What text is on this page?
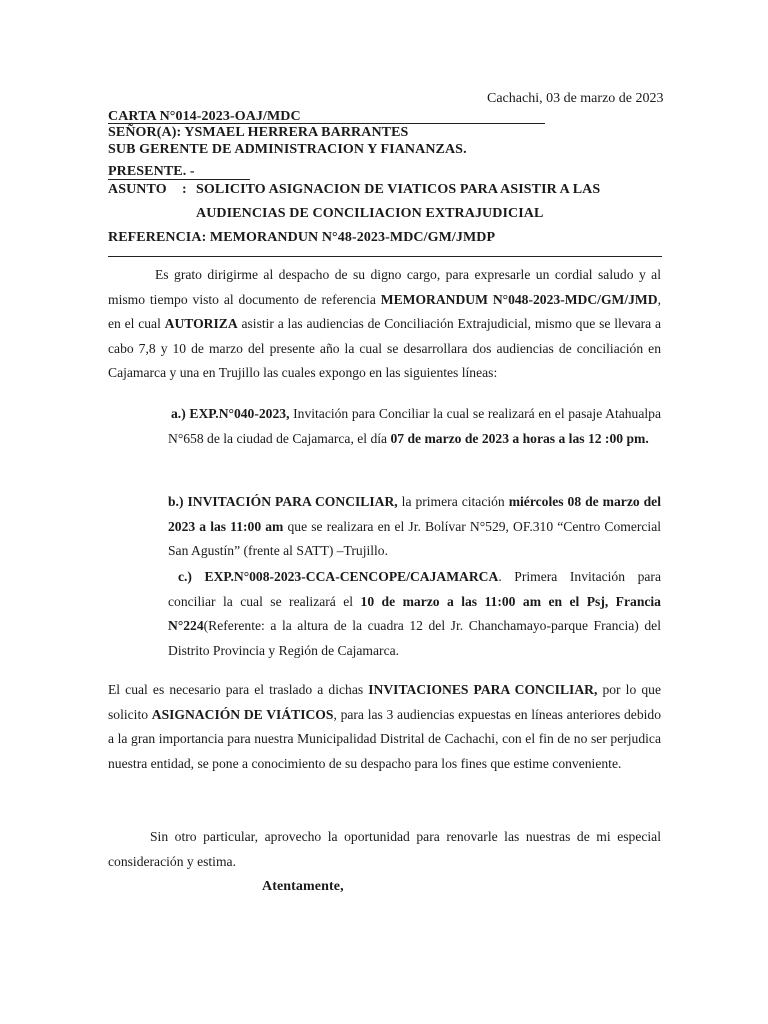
Cachachi, 03 de marzo de 2023
CARTA N°014-2023-OAJ/MDC
SEÑOR(A): YSMAEL HERRERA BARRANTES
SUB GERENTE DE ADMINISTRACION Y FIANANZAS.
PRESENTE. -
ASUNTO : SOLICITO ASIGNACION DE VIATICOS PARA ASISTIR A LAS
AUDIENCIAS DE CONCILIACION EXTRAJUDICIAL
REFERENCIA: MEMORANDUN N°48-2023-MDC/GM/JMDP

Es grato dirigirme al despacho de su digno cargo, para expresarle un cordial saludo y al mismo tiempo visto al documento de referencia MEMORANDUM N°048-2023-MDC/GM/JMD, en el cual AUTORIZA asistir a las audiencias de Conciliación Extrajudicial, mismo que se llevara a cabo 7,8 y 10 de marzo del presente año la cual se desarrollara dos audiencias de conciliación en Cajamarca y una en Trujillo las cuales expongo en las siguientes líneas:

a.) EXP.N°040-2023, Invitación para Conciliar la cual se realizará en el pasaje Atahualpa N°658 de la ciudad de Cajamarca, el día 07 de marzo de 2023 a horas a las 12 :00 pm.

b.) INVITACIÓN PARA CONCILIAR, la primera citación miércoles 08 de marzo del 2023 a las 11:00 am que se realizara en el Jr. Bolívar N°529, OF.310 “Centro Comercial San Agustín” (frente al SATT) –Trujillo.

c.) EXP.N°008-2023-CCA-CENCOPE/CAJAMARCA. Primera Invitación para conciliar la cual se realizará el 10 de marzo a las 11:00 am en el Psj, Francia N°224(Referente: a la altura de la cuadra 12 del Jr. Chanchamayo-parque Francia) del Distrito Provincia y Región de Cajamarca.

El cual es necesario para el traslado a dichas INVITACIONES PARA CONCILIAR, por lo que solicito ASIGNACIÓN DE VIÁTICOS, para las 3 audiencias expuestas en líneas anteriores debido a la gran importancia para nuestra Municipalidad Distrital de Cachachi, con el fin de no ser perjudica nuestra entidad, se pone a conocimiento de su despacho para los fines que estime conveniente.

Sin otro particular, aprovecho la oportunidad para renovarle las nuestras de mi especial consideración y estima.

Atentamente,
